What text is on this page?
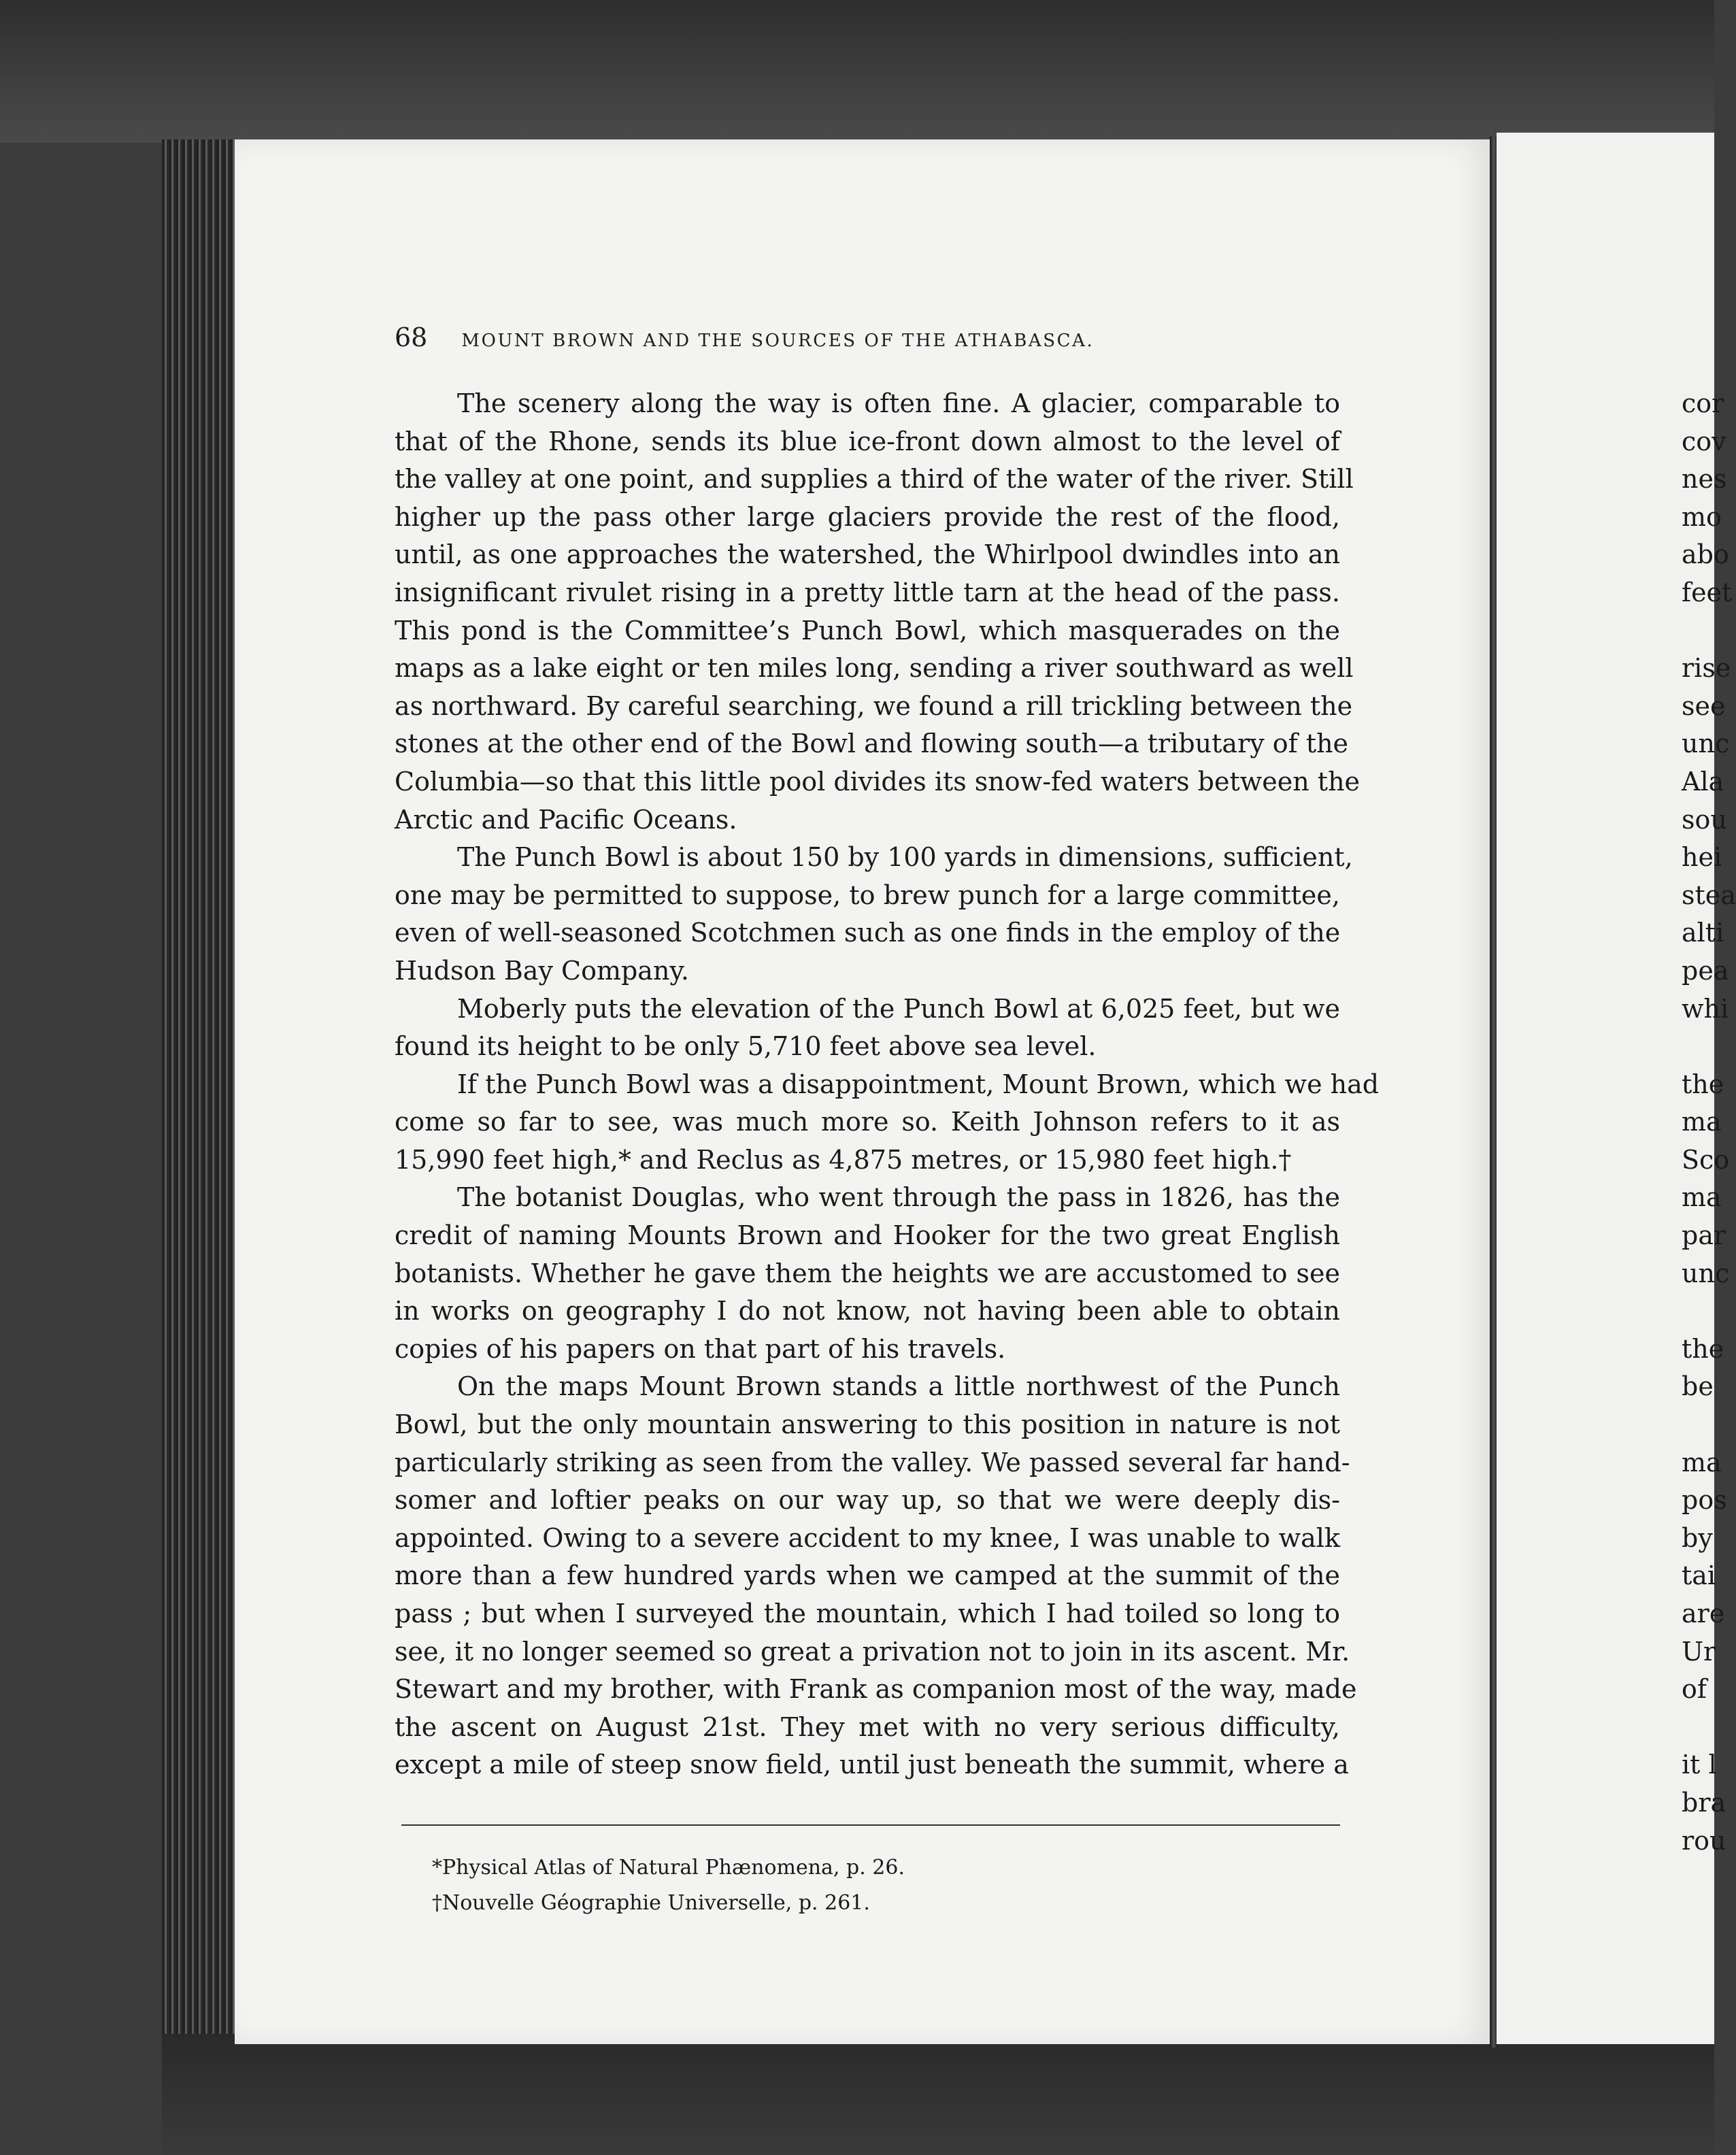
68 MOUNT BROWN AND THE SOURCES OF THE ATHABASCA.
The scenery along the way is often fine. A glacier, comparable to
that of the Rhone, sends its blue ice-front down almost to the level of
the valley at one point, and supplies a third of the water of the river. Still
higher up the pass other large glaciers provide the rest of the flood,
until, as one approaches the watershed, the Whirlpool dwindles into an
insignificant rivulet rising in a pretty little tarn at the head of the pass.
This pond is the Committee’s Punch Bowl, which masquerades on the
maps as a lake eight or ten miles long, sending a river southward as well
as northward. By careful searching, we found a rill trickling between the
stones at the other end of the Bowl and flowing south—a tributary of the
Columbia—so that this little pool divides its snow-fed waters between the
Arctic and Pacific Oceans.
The Punch Bowl is about 150 by 100 yards in dimensions, sufficient,
one may be permitted to suppose, to brew punch for a large committee,
even of well-seasoned Scotchmen such as one finds in the employ of the
Hudson Bay Company.
Moberly puts the elevation of the Punch Bowl at 6,025 feet, but we
found its height to be only 5,710 feet above sea level.
If the Punch Bowl was a disappointment, Mount Brown, which we had
come so far to see, was much more so. Keith Johnson refers to it as
15,990 feet high,* and Reclus as 4,875 metres, or 15,980 feet high.†
The botanist Douglas, who went through the pass in 1826, has the
credit of naming Mounts Brown and Hooker for the two great English
botanists. Whether he gave them the heights we are accustomed to see
in works on geography I do not know, not having been able to obtain
copies of his papers on that part of his travels.
On the maps Mount Brown stands a little northwest of the Punch
Bowl, but the only mountain answering to this position in nature is not
particularly striking as seen from the valley. We passed several far hand-
somer and loftier peaks on our way up, so that we were deeply dis-
appointed. Owing to a severe accident to my knee, I was unable to walk
more than a few hundred yards when we camped at the summit of the
pass ; but when I surveyed the mountain, which I had toiled so long to
see, it no longer seemed so great a privation not to join in its ascent. Mr.
Stewart and my brother, with Frank as companion most of the way, made
the ascent on August 21st. They met with no very serious difficulty,
except a mile of steep snow field, until just beneath the summit, where a
*Physical Atlas of Natural Phænomena, p. 26.
†Nouvelle Géographie Universelle, p. 261.
cor
cov
nes
mo
abo
feet
rise
see
unc
Ala
sou
hei
stea
alti
pea
whi
the
ma
Sco
ma
par
unc
the
be
ma
pos
by
tai
are
Ur
of
it l
bra
rou
